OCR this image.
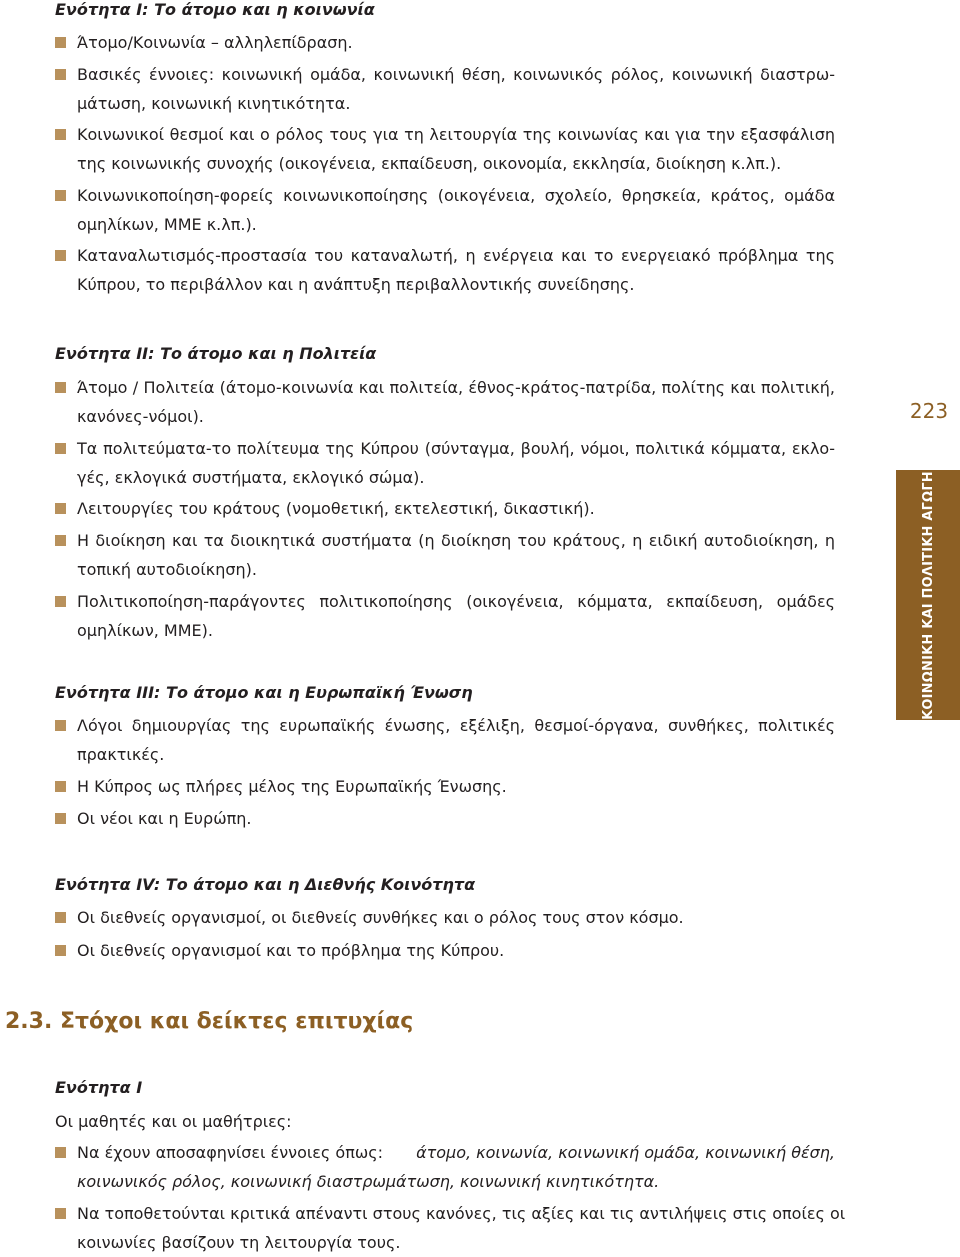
Ενότητα Ι: Το άτομο και η κοινωνία
Άτομο/Κοινωνία – αλληλεπίδραση.
Βασικές έννοιες: κοινωνική ομάδα, κοινωνική θέση, κοινωνικός ρόλος, κοινωνική διαστρω-
μάτωση, κοινωνική κινητικότητα.
Κοινωνικοί θεσμοί και ο ρόλος τους για τη λειτουργία της κοινωνίας και για την εξασφάλιση
της κοινωνικής συνοχής (οικογένεια, εκπαίδευση, οικονομία, εκκλησία, διοίκηση κ.λπ.).
Κοινωνικοποίηση-φορείς κοινωνικοποίησης (οικογένεια, σχολείο, θρησκεία, κράτος, ομάδα
ομηλίκων, ΜΜΕ κ.λπ.).
Καταναλωτισμός-προστασία του καταναλωτή, η ενέργεια και το ενεργειακό πρόβλημα της
Κύπρου, το περιβάλλον και η ανάπτυξη περιβαλλοντικής συνείδησης.
Ενότητα ΙΙ: Το άτομο και η Πολιτεία
Άτομο / Πολιτεία (άτομο-κοινωνία και πολιτεία, έθνος-κράτος-πατρίδα, πολίτης και πολιτική,
κανόνες-νόμοι).
Τα πολιτεύματα-το πολίτευμα της Κύπρου (σύνταγμα, βουλή, νόμοι, πολιτικά κόμματα, εκλο-
γές, εκλογικά συστήματα, εκλογικό σώμα).
Λειτουργίες του κράτους (νομοθετική, εκτελεστική, δικαστική).
Η διοίκηση και τα διοικητικά συστήματα (η διοίκηση του κράτους, η ειδική αυτοδιοίκηση, η
τοπική αυτοδιοίκηση).
Πολιτικοποίηση-παράγοντες πολιτικοποίησης (οικογένεια, κόμματα, εκπαίδευση, ομάδες
ομηλίκων, ΜΜΕ).
Ενότητα ΙΙΙ: Το άτομο και η Ευρωπαϊκή Ένωση
Λόγοι δημιουργίας της ευρωπαϊκής ένωσης, εξέλιξη, θεσμοί-όργανα, συνθήκες, πολιτικές
πρακτικές.
Η Κύπρος ως πλήρες μέλος της Ευρωπαϊκής Ένωσης.
Οι νέοι και η Ευρώπη.
Ενότητα ΙV: Το άτομο και η Διεθνής Κοινότητα
Οι διεθνείς οργανισμοί, οι διεθνείς συνθήκες και ο ρόλος τους στον κόσμο.
Οι διεθνείς οργανισμοί και το πρόβλημα της Κύπρου.
2.3. Στόχοι και δείκτες επιτυχίας
Ενότητα Ι
Οι μαθητές και οι μαθήτριες:
Να έχουν αποσαφηνίσει έννοιες όπως: άτομο, κοινωνία, κοινωνική ομάδα, κοινωνική θέση,
κοινωνικός ρόλος, κοινωνική διαστρωμάτωση, κοινωνική κινητικότητα.
Να τοποθετούνται κριτικά απέναντι στους κανόνες, τις αξίες και τις αντιλήψεις στις οποίες οι
κοινωνίες βασίζουν τη λειτουργία τους.
223
ΚΟΙΝΩΝΙΚΗ ΚΑΙ ΠΟΛΙΤΙΚΗ ΑΓΩΓΗ
